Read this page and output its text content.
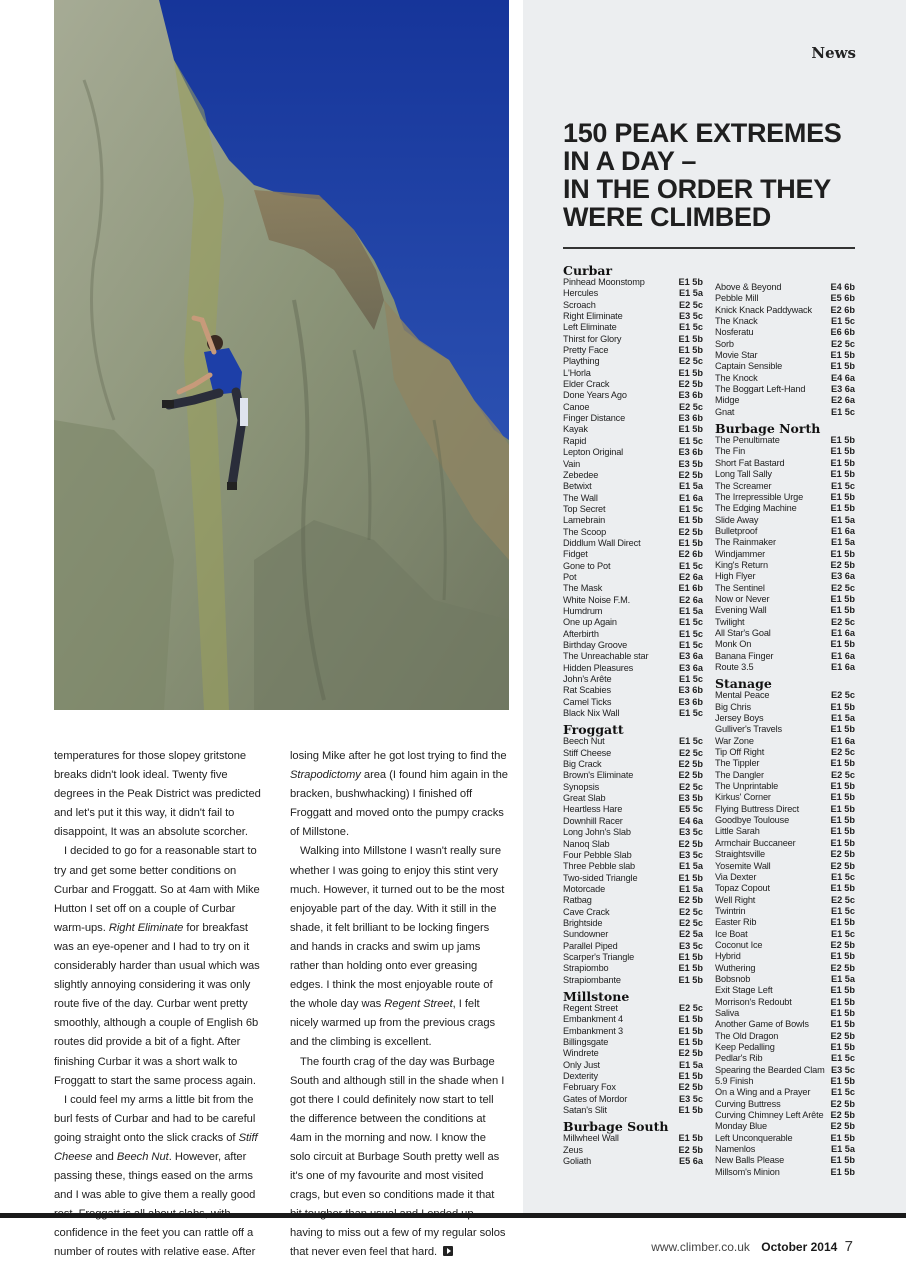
News
150 PEAK EXTREMES
IN A DAY –
IN THE ORDER THEY
WERE CLIMBED
Curbar
Pinhead Moonstomp	E1 5b
Hercules	E1 5a
Scroach	E2 5c
Right Eliminate	E3 5c
Left Eliminate	E1 5c
Thirst for Glory	E1 5b
Pretty Face	E1 5b
Plaything	E2 5c
L'Horla	E1 5b
Elder Crack	E2 5b
Done Years Ago	E3 6b
Canoe	E2 5c
Finger Distance	E3 6b
Kayak	E1 5b
Rapid	E1 5c
Lepton Original	E3 6b
Vain	E3 5b
Zebedee	E2 5b
Betwixt	E1 5a
The Wall	E1 6a
Top Secret	E1 5c
Lamebrain	E1 5b
The Scoop	E2 5b
Diddlum Wall Direct	E1 5b
Fidget	E2 6b
Gone to Pot	E1 5c
Pot	E2 6a
The Mask	E1 6b
White Noise F.M.	E2 6a
Humdrum	E1 5a
One up Again	E1 5c
Afterbirth	E1 5c
Birthday Groove	E1 5c
The Unreachable star	E3 6a
Hidden Pleasures	E3 6a
John's Arête	E1 5c
Rat Scabies	E3 6b
Camel Ticks	E3 6b
Black Nix Wall	E1 5c
Froggatt
Beech Nut	E1 5c
Stiff Cheese	E2 5c
Big Crack	E2 5b
Brown's Eliminate	E2 5b
Synopsis	E2 5c
Great Slab	E3 5b
Heartless Hare	E5 5c
Downhill Racer	E4 6a
Long John's Slab	E3 5c
Nanoq Slab	E2 5b
Four Pebble Slab	E3 5c
Three Pebble slab	E1 5a
Two-sided Triangle	E1 5b
Motorcade	E1 5a
Ratbag	E2 5b
Cave Crack	E2 5c
Brightside	E2 5c
Sundowner	E2 5a
Parallel Piped	E3 5c
Scarper's Triangle	E1 5b
Strapiombo	E1 5b
Strapiombante	E1 5b
Millstone
Regent Street	E2 5c
Embankment 4	E1 5b
Embankment 3	E1 5b
Billingsgate	E1 5b
Windrete	E2 5b
Only Just	E1 5a
Dexterity	E1 5b
February Fox	E2 5b
Gates of Mordor	E3 5c
Satan's Slit	E1 5b
Burbage South
Millwheel Wall	E1 5b
Zeus	E2 5b
Goliath	E5 6a
Above & Beyond	E4 6b
Pebble Mill	E5 6b
Knick Knack Paddywack E2 6b
The Knack	E1 5c
Nosferatu	E6 6b
Sorb	E2 5c
Movie Star	E1 5b
Captain Sensible	E1 5b
The Knock	E4 6a
The Boggart Left-Hand	E3 6a
Midge	E2 6a
Gnat	E1 5c
Burbage North
The Penultimate	E1 5b
The Fin	E1 5b
Short Fat Bastard	E1 5b
Long Tall Sally	E1 5b
The Screamer	E1 5c
The Irrepressible Urge	E1 5b
The Edging Machine	E1 5b
Slide Away	E1 5a
Bulletproof	E1 6a
The Rainmaker	E1 5a
Windjammer	E1 5b
King's Return	E2 5b
High Flyer	E3 6a
The Sentinel	E2 5c
Now or Never	E1 5b
Evening Wall	E1 5b
Twilight	E2 5c
All Star's Goal	E1 6a
Monk On	E1 5b
Banana Finger	E1 6a
Route 3.5	E1 6a
Stanage
Mental Peace	E2 5c
Big Chris	E1 5b
Jersey Boys	E1 5a
Gulliver's Travels	E1 5b
War Zone	E1 6a
Tip Off Right	E2 5c
The Tippler	E1 5b
The Dangler	E2 5c
The Unprintable	E1 5b
Kirkus' Corner	E1 5b
Flying Buttress Direct	E1 5b
Goodbye Toulouse	E1 5b
Little Sarah	E1 5b
Armchair Buccaneer	E1 5b
Straightsville	E2 5b
Yosemite Wall	E2 5b
Via Dexter	E1 5c
Topaz Copout	E1 5b
Well Right	E2 5c
Twintrin	E1 5c
Easter Rib	E1 5b
Ice Boat	E1 5c
Coconut Ice	E2 5b
Hybrid	E1 5b
Wuthering	E2 5b
Bobsnob	E1 5a
Exit Stage Left	E1 5b
Morrison's Redoubt	E1 5b
Saliva	E1 5b
Another Game of Bowls E1 5b
The Old Dragon	E2 5b
Keep Pedalling	E1 5b
Pedlar's Rib	E1 5c
Spearing the Bearded Clam E3 5c
5.9 Finish	E1 5b
On a Wing and a Prayer E1 5c
Curving Buttress	E2 5b
Curving Chimney Left Arête E2 5b
Monday Blue	E2 5b
Left Unconquerable	E1 5b
Namenlos	E1 5a
New Balls Please	E1 5b
Millsom's Minion	E1 5b

temperatures for those slopey gritstone breaks didn't look ideal. Twenty five degrees in the Peak District was predicted and let's put it this way, it didn't fail to disappoint, It was an absolute scorcher.

I decided to go for a reasonable start to try and get some better conditions on Curbar and Froggatt. So at 4am with Mike Hutton I set off on a couple of Curbar warm-ups. Right Eliminate for breakfast was an eye-opener and I had to try on it considerably harder than usual which was slightly annoying considering it was only route five of the day. Curbar went pretty smoothly, although a couple of English 6b routes did provide a bit of a fight. After finishing Curbar it was a short walk to Froggatt to start the same process again.

I could feel my arms a little bit from the burl fests of Curbar and had to be careful going straight onto the slick cracks of Stiff Cheese and Beech Nut. However, after passing these, things eased on the arms and I was able to give them a really good confidence in the feet you can rattle off a number of routes with relative ease. After

losing Mike after he got lost trying to find the Strapodictomy area (I found him again in the bracken, bushwhacking) I finished off Froggatt and moved onto the pumpy cracks of Millstone.

Walking into Millstone I wasn't really sure whether I was going to enjoy this stint very much. However, it turned out to be the most enjoyable part of the day. With it still in the shade, it felt brilliant to be locking fingers and hands in cracks and swim up jams rather than holding onto ever greasing edges. I think the most enjoyable route of the whole day was Regent Street, I felt nicely warmed up from the previous crags and the climbing is excellent.

The fourth crag of the day was Burbage South and although still in the shade when I got there I could definitely now start to tell the difference between the conditions at 4am in the morning and now. I know the solo circuit at Burbage South pretty well as it's one of my favourite and most visited crags, but even so conditions made it that having to miss out a few of my regular solos that never even feel that hard.	www.climber.co.uk October 2014 7
